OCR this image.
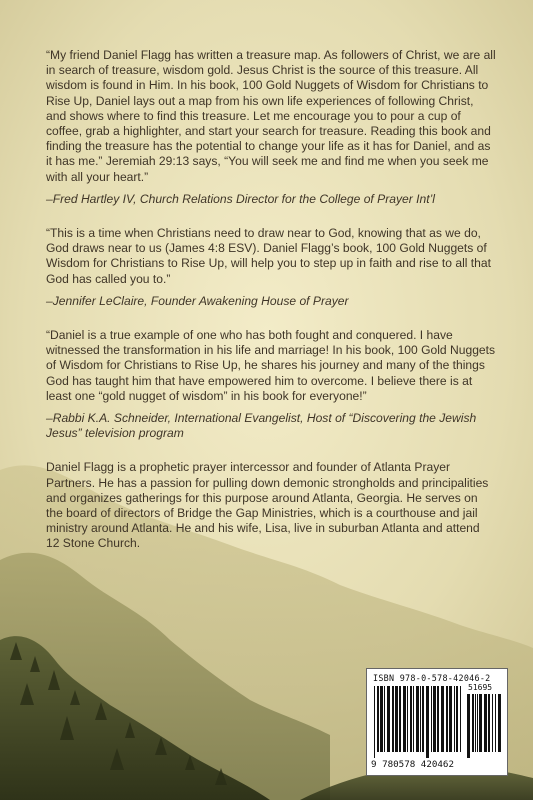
“My friend Daniel Flagg has written a treasure map. As followers of Christ, we are all in search of treasure, wisdom gold. Jesus Christ is the source of this treasure. All wisdom is found in Him. In his book, 100 Gold Nuggets of Wisdom for Christians to Rise Up, Daniel lays out a map from his own life experiences of following Christ, and shows where to find this treasure. Let me encourage you to pour a cup of coffee, grab a highlighter, and start your search for treasure. Reading this book and finding the treasure has the potential to change your life as it has for Daniel, and as it has me.” Jeremiah 29:13 says, “You will seek me and find me when you seek me with all your heart.”

–Fred Hartley IV, Church Relations Director for the College of Prayer Int’l

“This is a time when Christians need to draw near to God, knowing that as we do, God draws near to us (James 4:8 ESV). Daniel Flagg’s book, 100 Gold Nuggets of Wisdom for Christians to Rise Up, will help you to step up in faith and rise to all that God has called you to.”

–Jennifer LeClaire, Founder Awakening House of Prayer

“Daniel is a true example of one who has both fought and conquered. I have witnessed the transformation in his life and marriage! In his book, 100 Gold Nuggets of Wisdom for Christians to Rise Up, he shares his journey and many of the things God has taught him that have empowered him to overcome. I believe there is at least one “gold nugget of wisdom” in his book for everyone!”

–Rabbi K.A. Schneider, International Evangelist, Host of “Discovering the Jewish Jesus” television program

Daniel Flagg is a prophetic prayer intercessor and founder of Atlanta Prayer Partners. He has a passion for pulling down demonic strongholds and principalities and organizes gatherings for this purpose around Atlanta, Georgia. He serves on the board of directors of Bridge the Gap Ministries, which is a courthouse and jail ministry around Atlanta. He and his wife, Lisa, live in suburban Atlanta and attend 12 Stone Church.

ISBN 978-0-578-42046-2
51695
9 780578 420462
